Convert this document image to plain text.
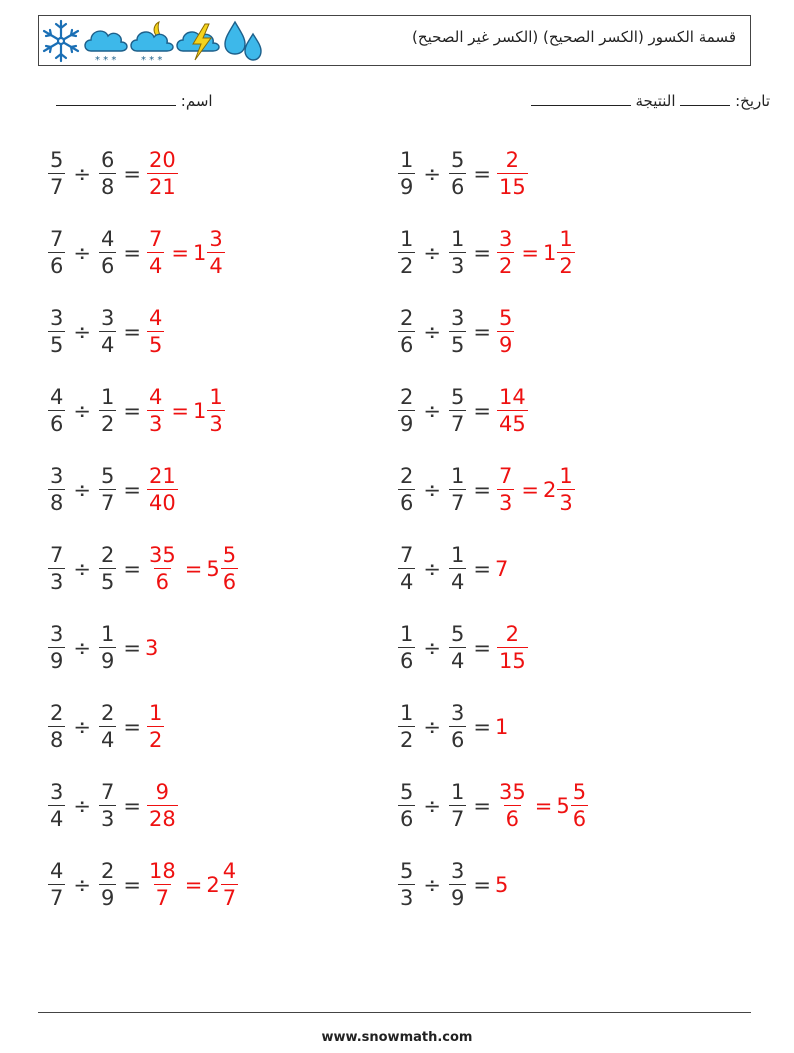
* * * * * *
قسمة الكسور (الكسر الصحيح) (الكسر غير الصحيح)
اسم:	تاريخ:  النتيجة
$\frac{5}{7} \div \frac{6}{8} = \frac{20}{21}$	$\frac{1}{9} \div \frac{5}{6} = \frac{2}{15}$
$\frac{7}{6} \div \frac{4}{6} = \frac{7}{4} = 1 \frac{3}{4}$	$\frac{1}{2} \div \frac{1}{3} = \frac{3}{2} = 1 \frac{1}{2}$
$\frac{3}{5} \div \frac{3}{4} = \frac{4}{5}$	$\frac{2}{6} \div \frac{3}{5} = \frac{5}{9}$
$\frac{4}{6} \div \frac{1}{2} = \frac{4}{3} = 1 \frac{1}{3}$	$\frac{2}{9} \div \frac{5}{7} = \frac{14}{45}$
$\frac{3}{8} \div \frac{5}{7} = \frac{21}{40}$	$\frac{2}{6} \div \frac{1}{7} = \frac{7}{3} = 2 \frac{1}{3}$
$\frac{7}{3} \div \frac{2}{5} = \frac{35}{6} = 5 \frac{5}{6}$	$\frac{7}{4} \div \frac{1}{4} = 7$
$\frac{3}{9} \div \frac{1}{9} = 3$	$\frac{1}{6} \div \frac{5}{4} = \frac{2}{15}$
$\frac{2}{8} \div \frac{2}{4} = \frac{1}{2}$	$\frac{1}{2} \div \frac{3}{6} = 1$
$\frac{3}{4} \div \frac{7}{3} = \frac{9}{28}$	$\frac{5}{6} \div \frac{1}{7} = \frac{35}{6} = 5 \frac{5}{6}$
$\frac{4}{7} \div \frac{2}{9} = \frac{18}{7} = 2 \frac{4}{7}$	$\frac{5}{3} \div \frac{3}{9} = 5$
www.snowmath.com
